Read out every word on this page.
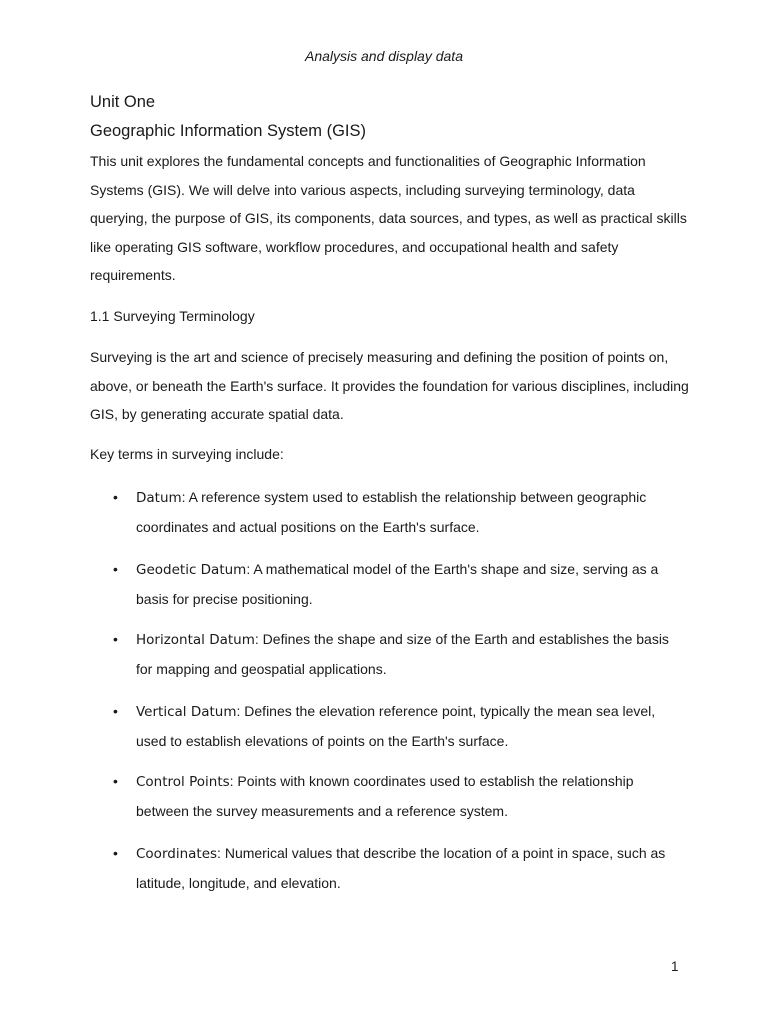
Analysis and display data
Unit One
Geographic Information System (GIS)

This unit explores the fundamental concepts and functionalities of Geographic Information Systems (GIS). We will delve into various aspects, including surveying terminology, data querying, the purpose of GIS, its components, data sources, and types, as well as practical skills like operating GIS software, workflow procedures, and occupational health and safety requirements.

1.1 Surveying Terminology

Surveying is the art and science of precisely measuring and defining the position of points on, above, or beneath the Earth's surface. It provides the foundation for various disciplines, including GIS, by generating accurate spatial data.

Key terms in surveying include:
•	Datum: A reference system used to establish the relationship between geographic coordinates and actual positions on the Earth's surface.
•	Geodetic Datum: A mathematical model of the Earth's shape and size, serving as a basis for precise positioning.
•	Horizontal Datum: Defines the shape and size of the Earth and establishes the basis for mapping and geospatial applications.
•	Vertical Datum: Defines the elevation reference point, typically the mean sea level, used to establish elevations of points on the Earth's surface.
•	Control Points: Points with known coordinates used to establish the relationship between the survey measurements and a reference system.
•	Coordinates: Numerical values that describe the location of a point in space, such as latitude, longitude, and elevation.
1
